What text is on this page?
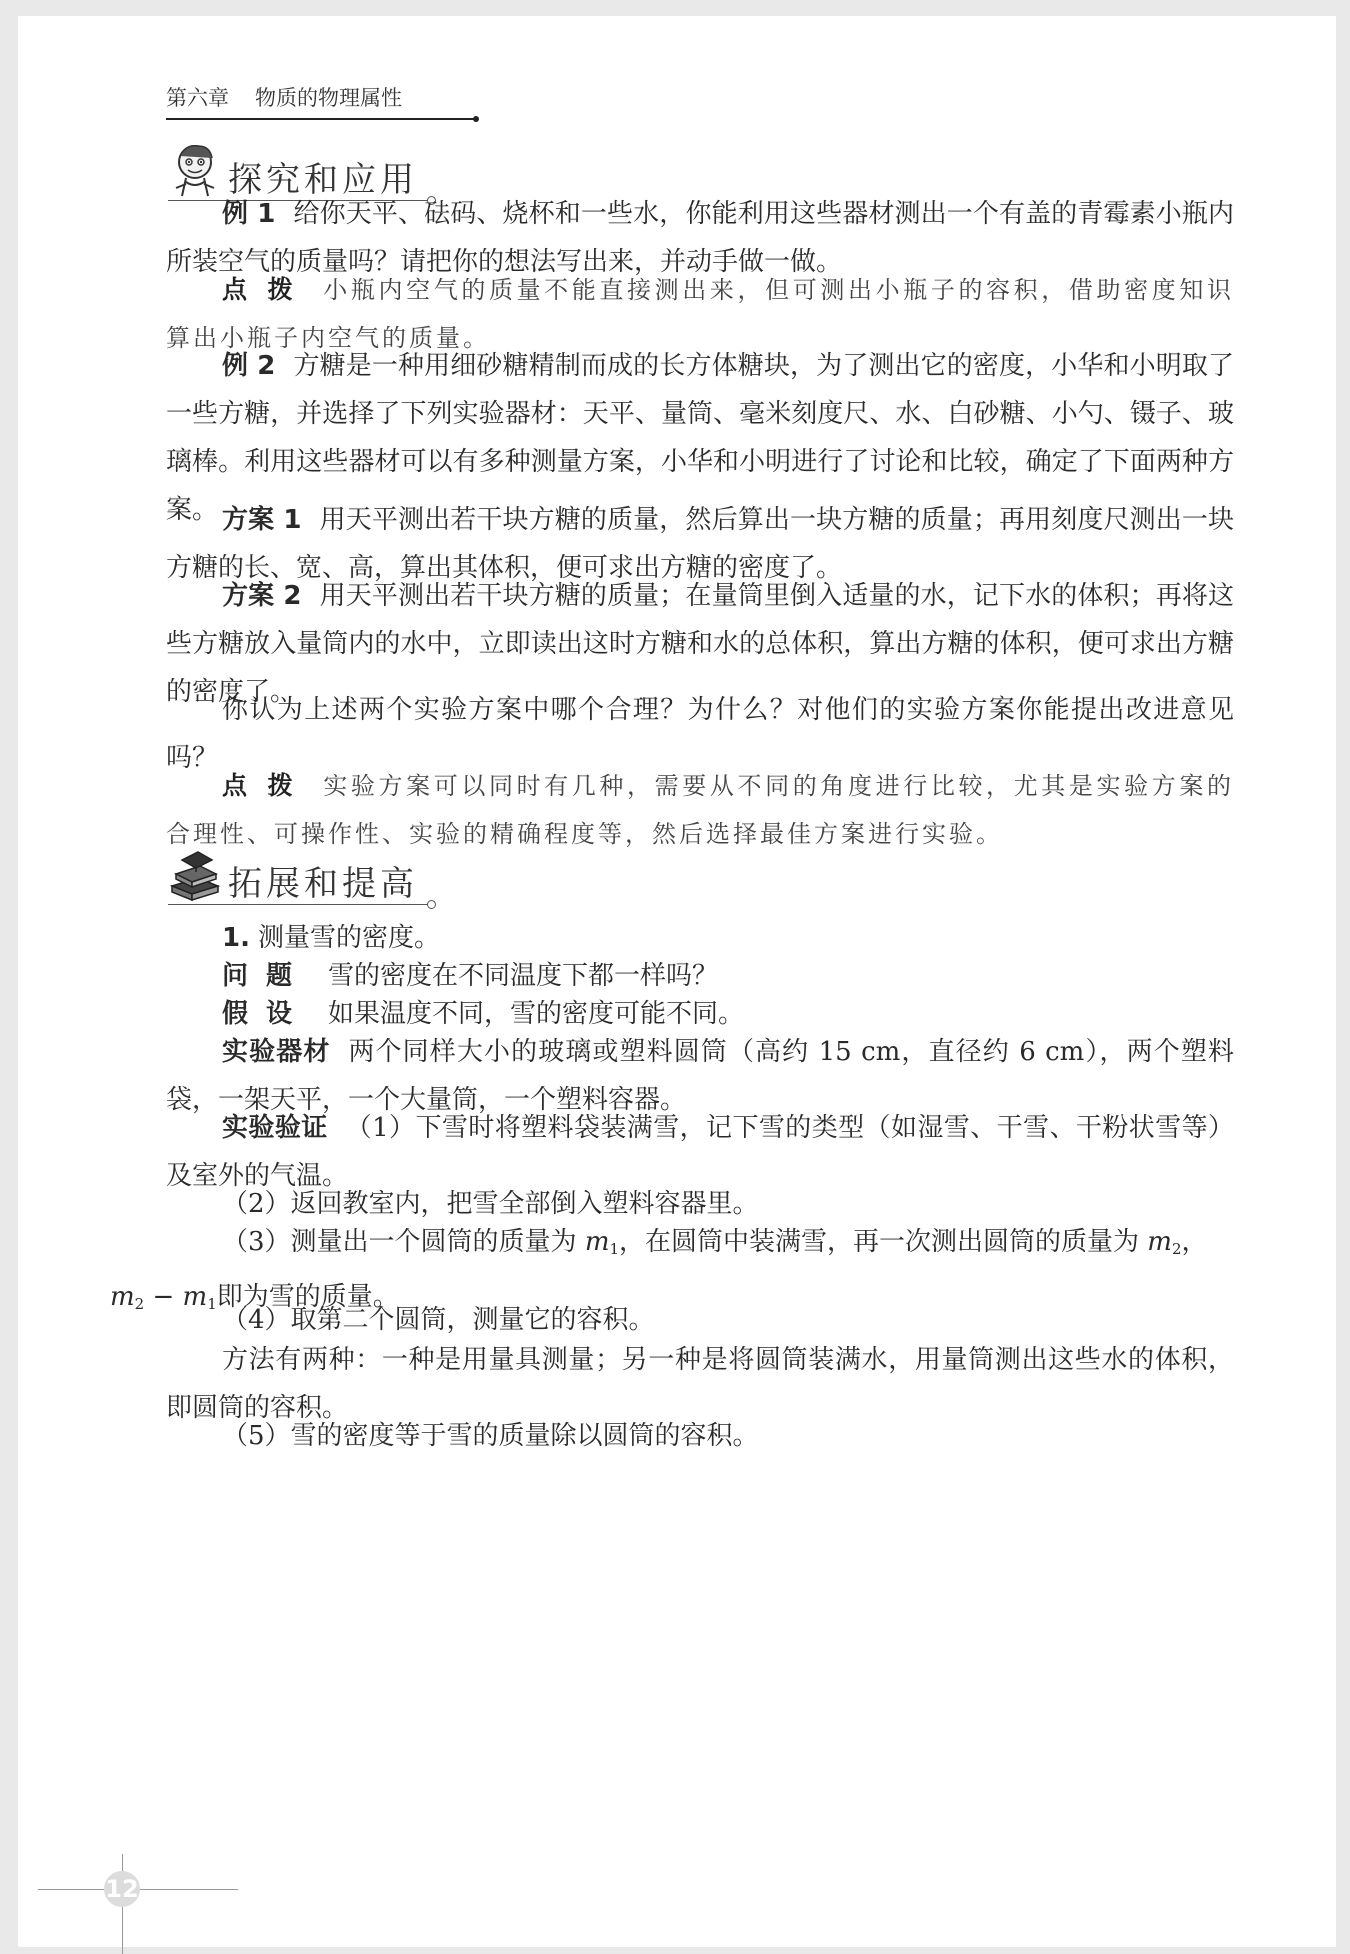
第六章 物质的物理属性
探究和应用

例 1 给你天平、砝码、烧杯和一些水，你能利用这些器材测出一个有盖的青霉素小瓶内所装空气的质量吗？请把你的想法写出来，并动手做一做。

点拨 小瓶内空气的质量不能直接测出来，但可测出小瓶子的容积，借助密度知识算出小瓶子内空气的质量。

例 2 方糖是一种用细砂糖精制而成的长方体糖块，为了测出它的密度，小华和小明取了一些方糖，并选择了下列实验器材：天平、量筒、毫米刻度尺、水、白砂糖、小勺、镊子、玻璃棒。利用这些器材可以有多种测量方案，小华和小明进行了讨论和比较，确定了下面两种方案。 方案 1 用天平测出若干块方糖的质量，然后算出一块方糖的质量；再用刻度尺测出一块方糖的长、宽、高，算出其体积，便可求出方糖的密度了。

方案 2 用天平测出若干块方糖的质量；在量筒里倒入适量的水，记下水的体积；再将这些方糖放入量筒内的水中，立即读出这时方糖和水的总体积，算出方糖的体积，便可求出方糖的密度了。

你认为上述两个实验方案中哪个合理？为什么？对他们的实验方案你能提出改进意见吗？

点拨 实验方案可以同时有几种，需要从不同的角度进行比较，尤其是实验方案的合理性、可操作性、实验的精确程度等，然后选择最佳方案进行实验。

拓展和提高

1. 测量雪的密度。

问题 雪的密度在不同温度下都一样吗？

假设 如果温度不同，雪的密度可能不同。

实验器材 两个同样大小的玻璃或塑料圆筒（高约 15 cm，直径约 6 cm），两个塑料袋，一架天平，一个大量筒，一个塑料容器。

实验验证 （1）下雪时将塑料袋装满雪，记下雪的类型（如湿雪、干雪、干粉状雪等）及室外的气温。

（2）返回教室内，把雪全部倒入塑料容器里。

（3）测量出一个圆筒的质量为 $m_1$，在圆筒中装满雪，再一次测出圆筒的质量为 $m_2$，
$m_2 - m_1$即为雪的质量。

（4）取第二个圆筒，测量它的容积。

方法有两种：一种是用量具测量；另一种是将圆筒装满水，用量筒测出这些水的体积，即圆筒的容积。

（5）雪的密度等于雪的质量除以圆筒的容积。

12
